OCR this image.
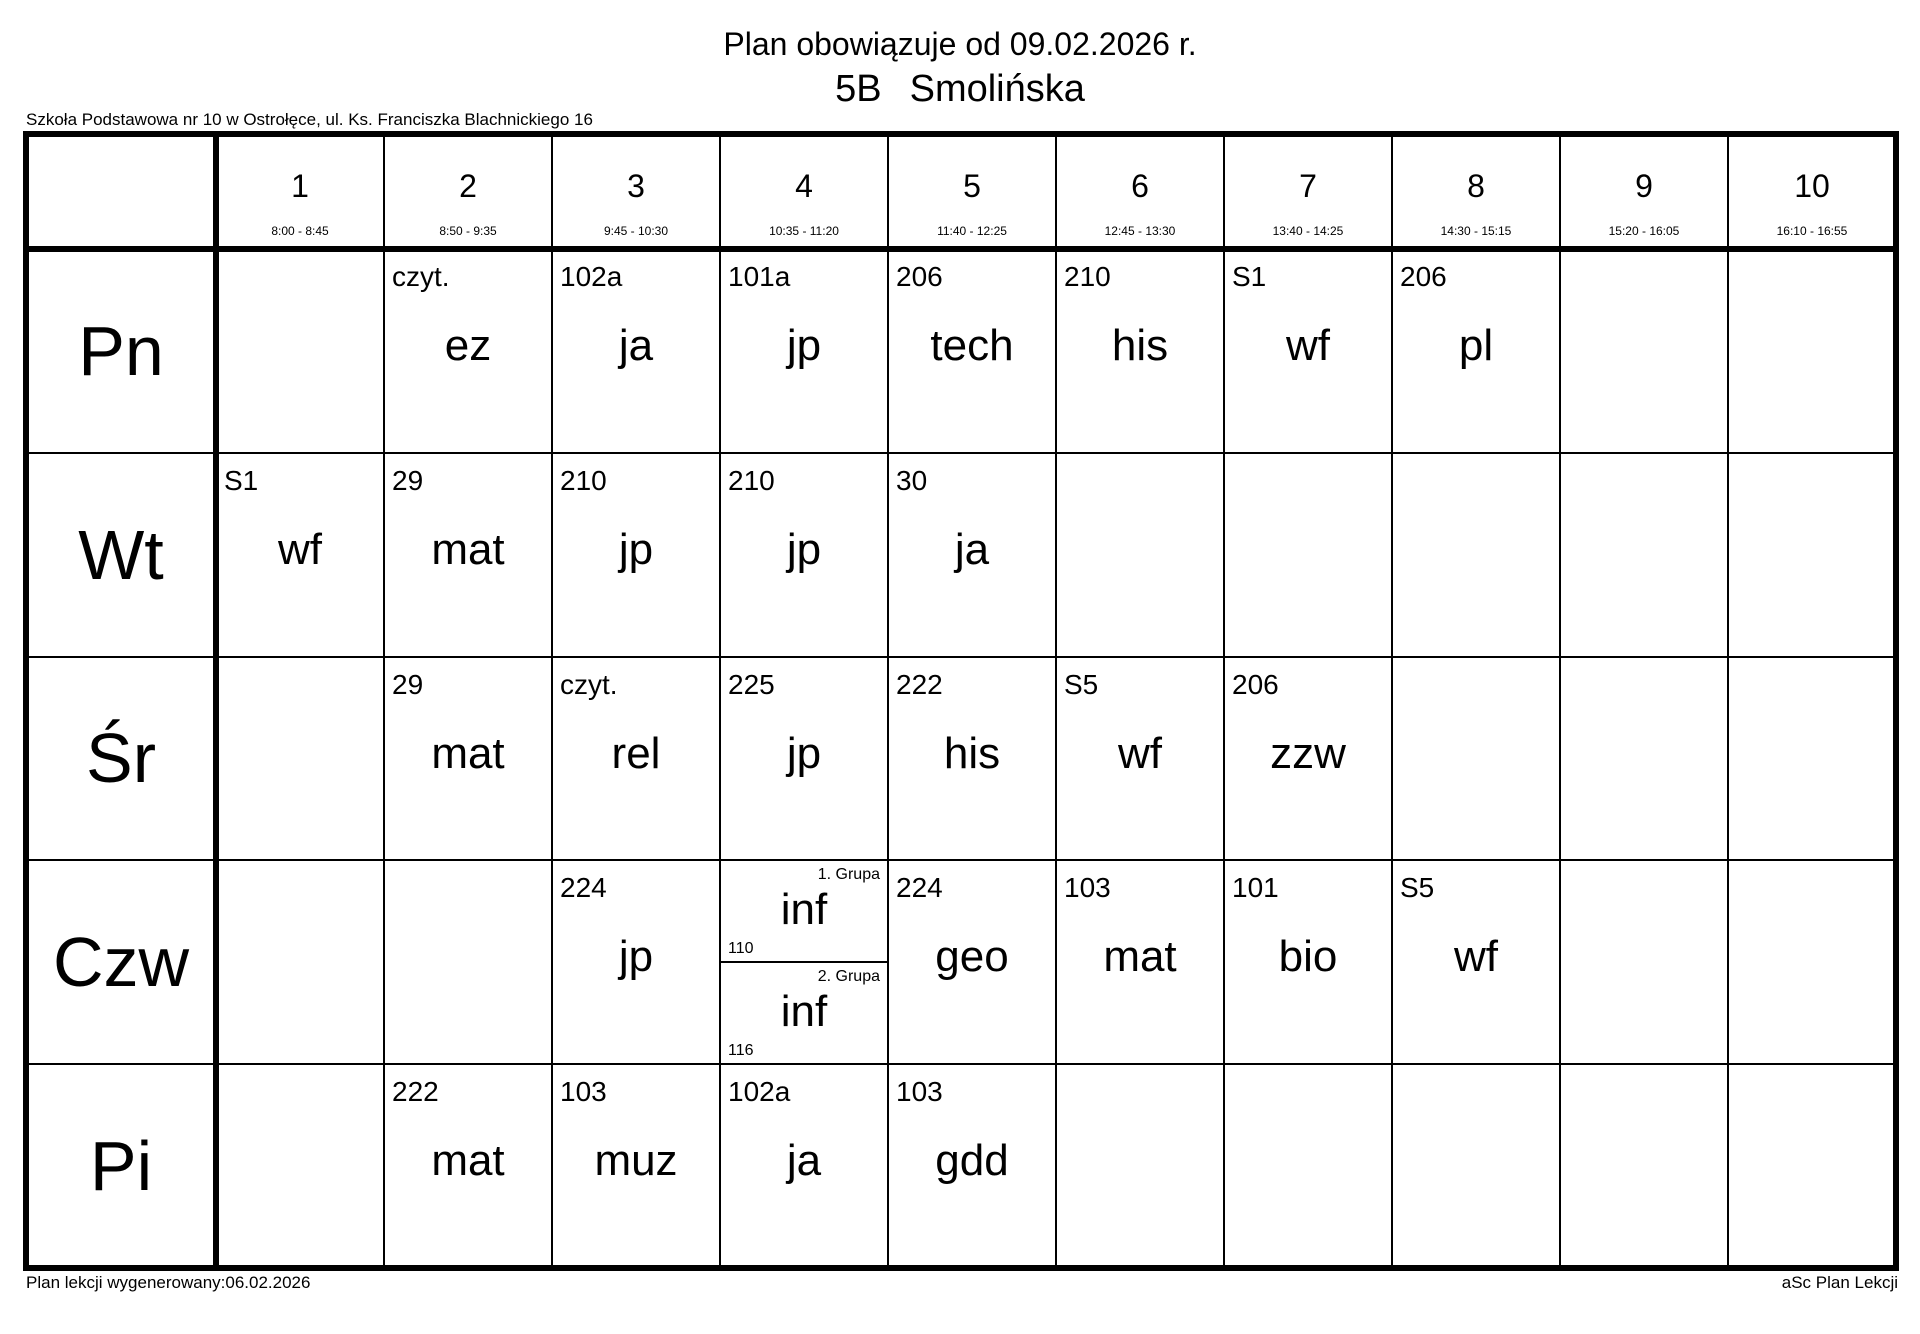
Plan obowiązuje od 09.02.2026 r.
5B Smolińska
Szkoła Podstawowa nr 10 w Ostrołęce, ul. Ks. Franciszka Blachnickiego 16
1
8:00 - 8:45
2
8:50 - 9:35
3
9:45 - 10:30
4
10:35 - 11:20
5
11:40 - 12:25
6
12:45 - 13:30
7
13:40 - 14:25
8
14:30 - 15:15
9
15:20 - 16:05
10
16:10 - 16:55
Pn
czyt.
ez
102a
ja
101a
jp
206
tech
210
his
S1
wf
206
pl
Wt
S1
wf
29
mat
210
jp
210
jp
30
ja
Śr
29
mat
czyt.
rel
225
jp
222
his
S5
wf
206
zzw
Czw
224
jp
1. Grupa
inf
110
2. Grupa
inf
116
224
geo
103
mat
101
bio
S5
wf
Pi
222
mat
103
muz
102a
ja
103
gdd
Plan lekcji wygenerowany:06.02.2026	aSc Plan Lekcji
